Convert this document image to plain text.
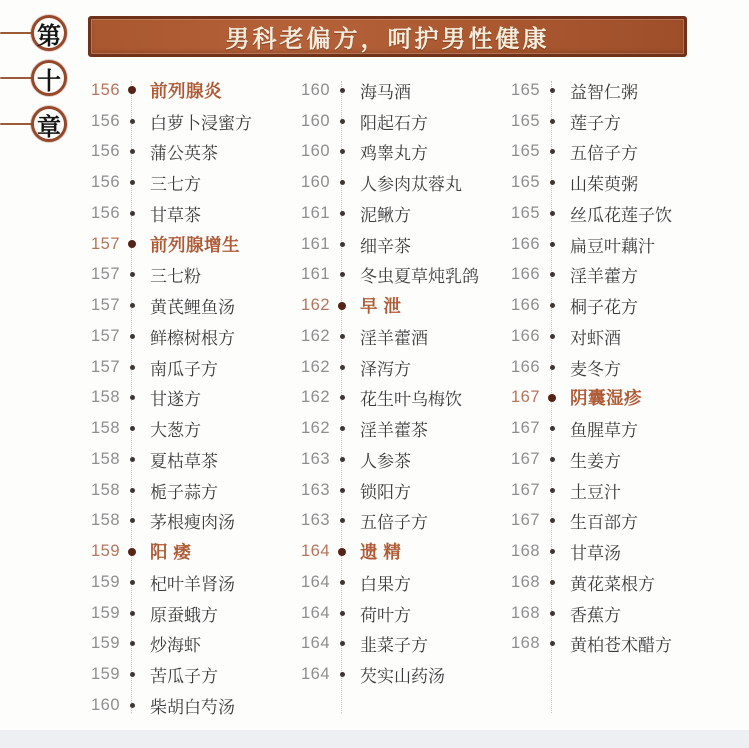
第
十
章
男科老偏方，呵护男性健康
156 前列腺炎
156 白萝卜浸蜜方
156 蒲公英茶
156 三七方
156 甘草茶
157 前列腺增生
157 三七粉
157 黄芪鲤鱼汤
157 鲜檫树根方
157 南瓜子方
158 甘遂方
158 大葱方
158 夏枯草茶
158 栀子蒜方
158 茅根瘦肉汤
159 阳 痿
159 杞叶羊肾汤
159 原蚕蛾方
159 炒海虾
159 苦瓜子方
160 柴胡白芍汤
160 海马酒
160 阳起石方
160 鸡睾丸方
160 人参肉苁蓉丸
161 泥鳅方
161 细辛茶
161 冬虫夏草炖乳鸽
162 早 泄
162 淫羊藿酒
162 泽泻方
162 花生叶乌梅饮
162 淫羊藿茶
163 人参茶
163 锁阳方
163 五倍子方
164 遗 精
164 白果方
164 荷叶方
164 韭菜子方
164 芡实山药汤
165 益智仁粥
165 莲子方
165 五倍子方
165 山茱萸粥
165 丝瓜花莲子饮
166 扁豆叶藕汁
166 淫羊藿方
166 桐子花方
166 对虾酒
166 麦冬方
167 阴囊湿疹
167 鱼腥草方
167 生姜方
167 土豆汁
167 生百部方
168 甘草汤
168 黄花菜根方
168 香蕉方
168 黄柏苍术醋方
